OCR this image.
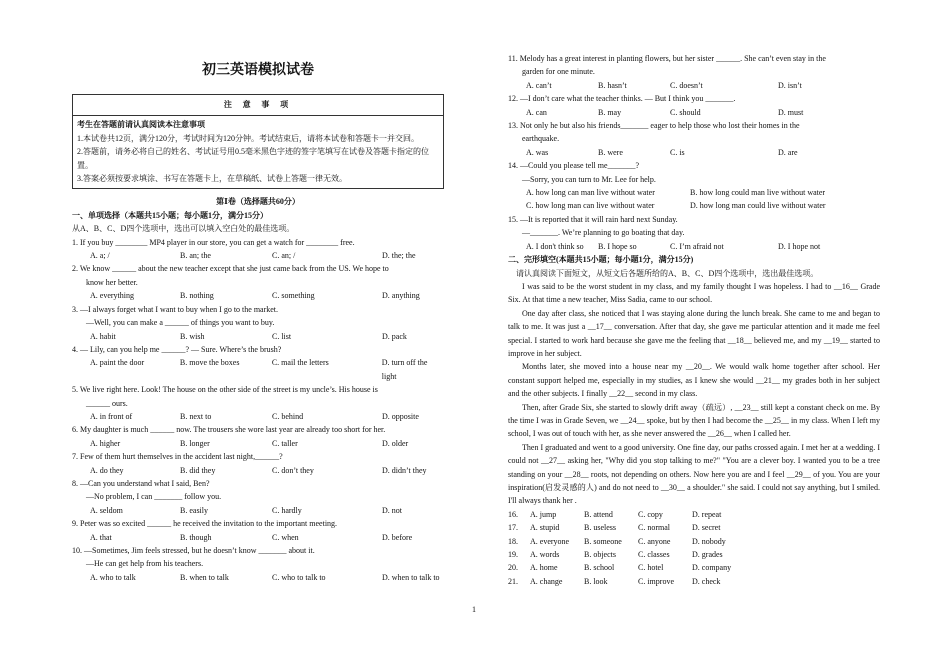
初三英语模拟试卷
注 意 事 项
考生在答题前请认真阅读本注意事项
1.本试卷共12页，满分120分，考试时间为120分钟。考试结束后，请将本试卷和答题卡一并交回。
2.答题前，请务必将自己的姓名、考试证号用0.5毫米黑色字迹的签字笔填写在试卷及答题卡指定的位置。
3.答案必须按要求填涂、书写在答题卡上，在草稿纸、试卷上答题一律无效。
第Ⅰ卷（选择题共60分）
一、单项选择（本题共15小题；每小题1分，满分15分）
从A、B、C、D四个选项中，选出可以填入空白处的最佳选项。
1. If you buy ________ MP4 player in our store, you can get a watch for ________ free.
A. a; /	B. an; the	C. an; /	D. the; the
2. We know ______ about the new teacher except that she just came back from the US. We hope to
know her better.
A. everything	B. nothing	C. something	D. anything
3. —I always forget what I want to buy when I go to the market.
—Well, you can make a ______ of things you want to buy.
A. habit	B. wish	C. list	D. pack
4. — Lily, can you help me ______? — Sure. Where’s the brush?
A. paint the door	B. move the boxes	C. mail the letters	D. turn off the light
5. We live right here. Look! The house on the other side of the street is my uncle’s. His house is
______ ours.
A. in front of	B. next to	C. behind	D. opposite
6. My daughter is much ______ now. The trousers she wore last year are already too short for her.
A. higher	B. longer	C. taller	D. older
7. Few of them hurt themselves in the accident last night,______?
A. do they	B. did they	C. don’t they	D. didn’t they
8. —Can you understand what I said, Ben?
—No problem, I can _______ follow you.
A. seldom	B. easily	C. hardly	D. not
9. Peter was so excited ______ he received the invitation to the important meeting.
A. that	B. though	C. when	D. before
10. —Sometimes, Jim feels stressed, but he doesn’t know _______ about it.
—He can get help from his teachers.
A. who to talk	B. when to talk	C. who to talk to	D. when to talk to
11. Melody has a great interest in planting flowers, but her sister ______. She can’t even stay in the
garden for one minute.
A. can’t	B. hasn’t	C. doesn’t	D. isn’t
12. —I don’t care what the teacher thinks. — But I think you _______.
A. can	B. may	C. should	D. must
13. Not only he but also his friends_______ eager to help those who lost their homes in the
earthquake.
A. was	B. were	C. is	D. are
14. —Could you please tell me_______?
—Sorry, you can turn to Mr. Lee for help.
A. how long can man live without water	B. how long could man live without water
C. how long man can live without water	D. how long man could live without water
15. —It is reported that it will rain hard next Sunday.
—_______. We’re planning to go boating that day.
A. I don't think so	B. I hope so	C. I’m afraid not	D. I hope not
二、完形填空(本题共15小题；每小题1分，满分15分)
请认真阅读下面短文，从短文后各题所给的A、B、C、D四个选项中，选出最佳选项。
I was said to be the worst student in my class, and my family thought I was hopeless. I had to __16__ Grade Six. At that time a new teacher, Miss Sadia, came to our school.
One day after class, she noticed that I was staying alone during the lunch break. She came to me and began to talk to me. It was just a __17__ conversation. After that day, she gave me particular attention and it made me feel special. I started to work hard because she gave me the feeling that __18__ believed me, and my __19__ started to improve in her subject.
Months later, she moved into a house near my __20__. We would walk home together after school. Her constant support helped me, especially in my studies, as I knew she would __21__ my grades both in her subject and the other subjects. I finally __22__ second in my class.
Then, after Grade Six, she started to slowly drift away（疏远）, __23__ still kept a constant check on me. By the time I was in Grade Seven, we __24__ spoke, but by then I had become the __25__ in my class. When I left my school, I was out of touch with her, as she never answered the __26__ when I called her.
Then I graduated and went to a good university. One fine day, our paths crossed again. I met her at a wedding. I could not __27__ asking her, "Why did you stop talking to me?" "You are a clever boy. I wanted you to be a tree standing on your __28__ roots, not depending on others. Now here you are and I feel __29__ of you. You are your inspiration(启发灵感的人) and do not need to __30__ a shoulder." she said. I could not say anything, but I smiled. I'll always thank her .
16.	A. jump	B. attend	C. copy	D. repeat
17.	A. stupid	B. useless	C. normal	D. secret
18.	A. everyone	B. someone	C. anyone	D. nobody
19.	A. words	B. objects	C. classes	D. grades
20.	A. home	B. school	C. hotel	D. company
21.	A. change	B. look	C. improve	D. check
1
